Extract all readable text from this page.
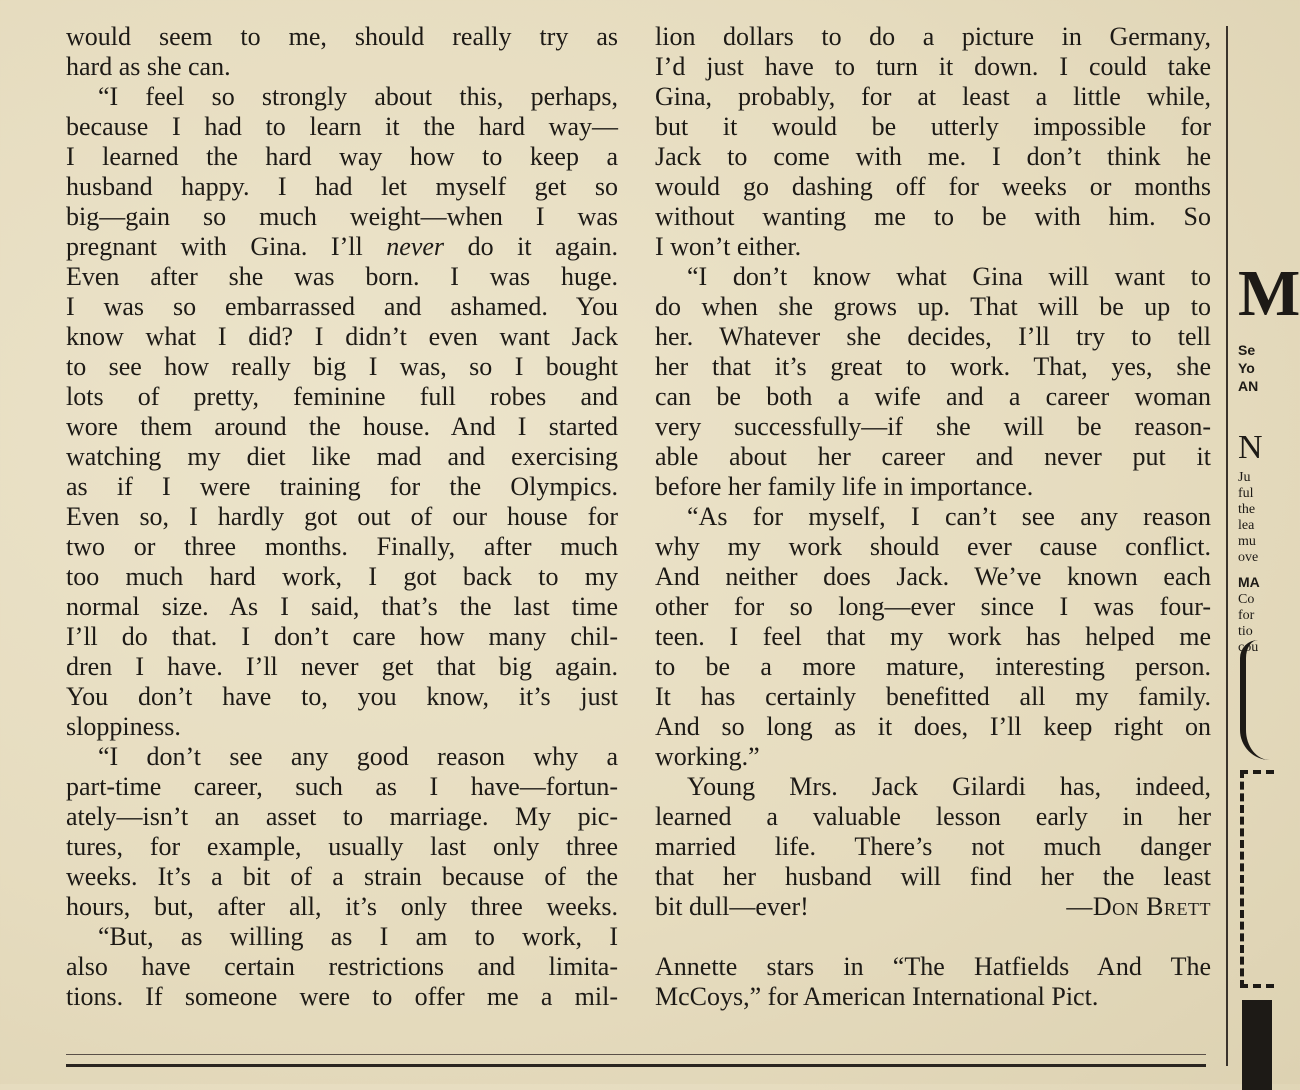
would seem to me, should really try as
hard as she can.
“I feel so strongly about this, perhaps,
because I had to learn it the hard way—
I learned the hard way how to keep a
husband happy. I had let myself get so
big—gain so much weight—when I was
pregnant with Gina. I’ll never do it again.
Even after she was born. I was huge.
I was so embarrassed and ashamed. You
know what I did? I didn’t even want Jack
to see how really big I was, so I bought
lots of pretty, feminine full robes and
wore them around the house. And I started
watching my diet like mad and exercising
as if I were training for the Olympics.
Even so, I hardly got out of our house for
two or three months. Finally, after much
too much hard work, I got back to my
normal size. As I said, that’s the last time
I’ll do that. I don’t care how many chil-
dren I have. I’ll never get that big again.
You don’t have to, you know, it’s just
sloppiness.
“I don’t see any good reason why a
part-time career, such as I have—fortun-
ately—isn’t an asset to marriage. My pic-
tures, for example, usually last only three
weeks. It’s a bit of a strain because of the
hours, but, after all, it’s only three weeks.
“But, as willing as I am to work, I
also have certain restrictions and limita-
tions. If someone were to offer me a mil-
lion dollars to do a picture in Germany,
I’d just have to turn it down. I could take
Gina, probably, for at least a little while,
but it would be utterly impossible for
Jack to come with me. I don’t think he
would go dashing off for weeks or months
without wanting me to be with him. So
I won’t either.
“I don’t know what Gina will want to
do when she grows up. That will be up to
her. Whatever she decides, I’ll try to tell
her that it’s great to work. That, yes, she
can be both a wife and a career woman
very successfully—if she will be reason-
able about her career and never put it
before her family life in importance.
“As for myself, I can’t see any reason
why my work should ever cause conflict.
And neither does Jack. We’ve known each
other for so long—ever since I was four-
teen. I feel that my work has helped me
to be a more mature, interesting person.
It has certainly benefitted all my family.
And so long as it does, I’ll keep right on
working.”
Young Mrs. Jack Gilardi has, indeed,
learned a valuable lesson early in her
married life. There’s not much danger
that her husband will find her the least
bit dull—ever!	—Don Brett
Annette stars in “The Hatfields And The
McCoys,” for American International Pict.
M
Se
Yo
AN
N
Ju
ful
the
lea
mu
ove
MA
Co
for
tio
cou
